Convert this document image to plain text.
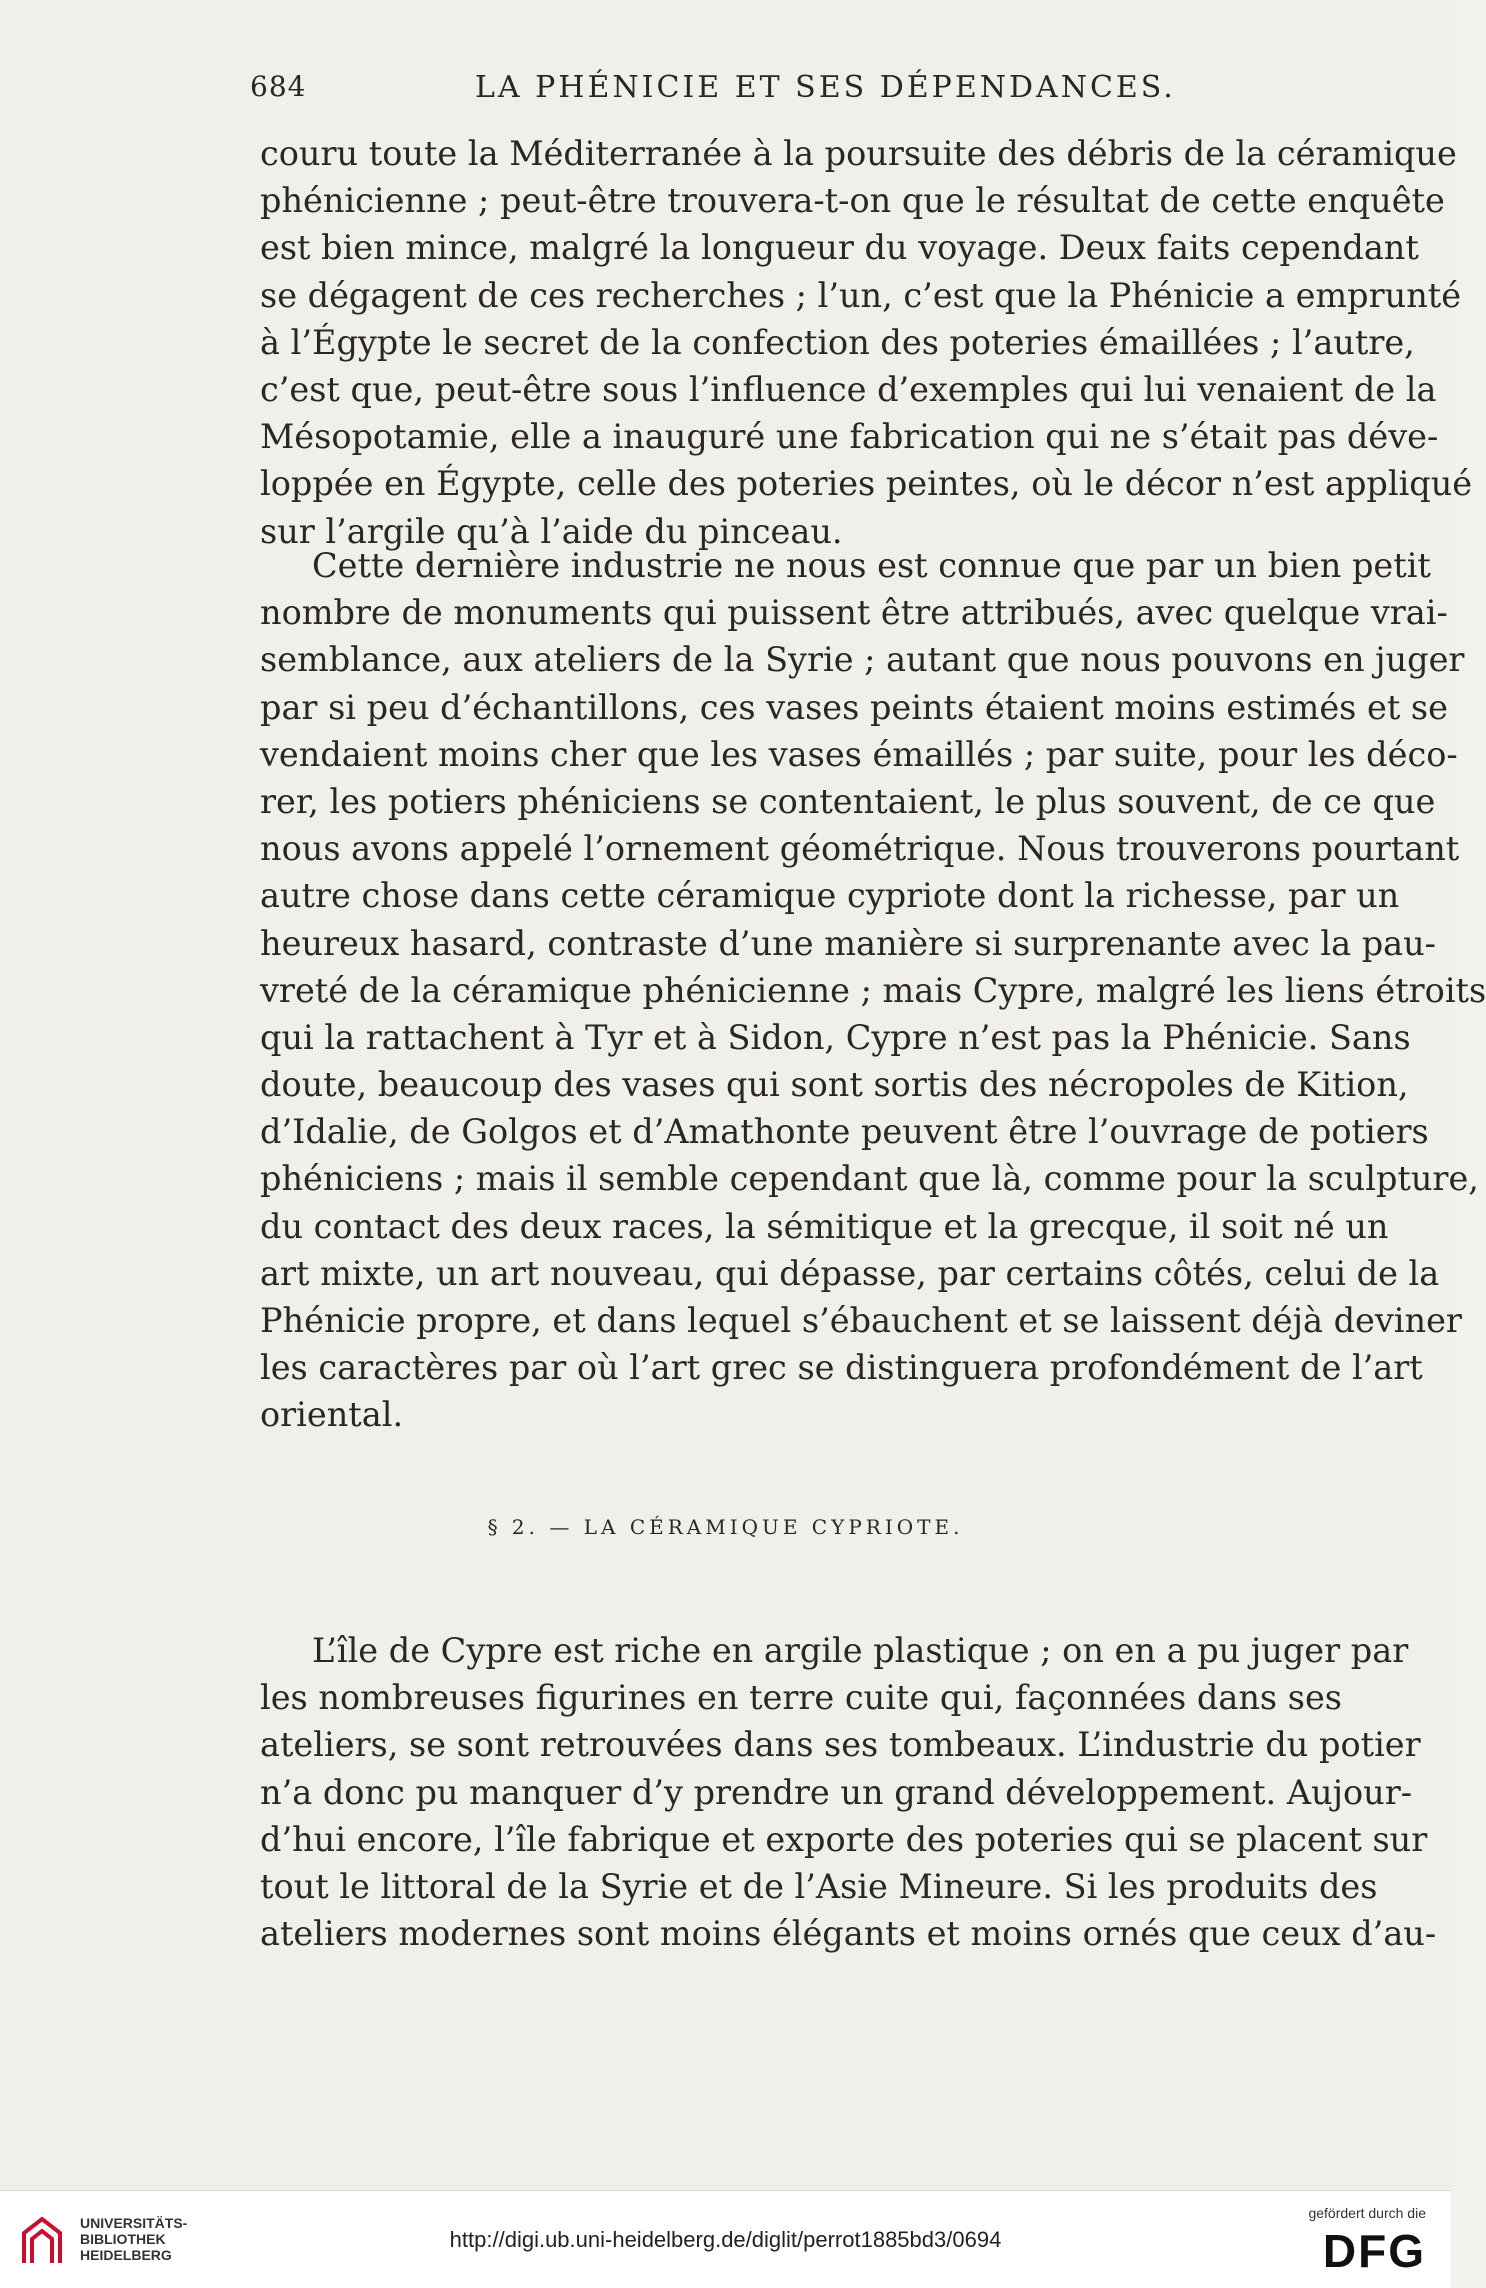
684	LA PHÉNICIE ET SES DÉPENDANCES.
couru toute la Méditerranée à la poursuite des débris de la céramique
phénicienne ; peut-être trouvera-t-on que le résultat de cette enquête
est bien mince, malgré la longueur du voyage. Deux faits cependant
se dégagent de ces recherches ; l’un, c’est que la Phénicie a emprunté
à l’Égypte le secret de la confection des poteries émaillées ; l’autre,
c’est que, peut-être sous l’influence d’exemples qui lui venaient de la
Mésopotamie, elle a inauguré une fabrication qui ne s’était pas déve-
loppée en Égypte, celle des poteries peintes, où le décor n’est appliqué
sur l’argile qu’à l’aide du pinceau.
Cette dernière industrie ne nous est connue que par un bien petit
nombre de monuments qui puissent être attribués, avec quelque vrai-
semblance, aux ateliers de la Syrie ; autant que nous pouvons en juger
par si peu d’échantillons, ces vases peints étaient moins estimés et se
vendaient moins cher que les vases émaillés ; par suite, pour les déco-
rer, les potiers phéniciens se contentaient, le plus souvent, de ce que
nous avons appelé l’ornement géométrique. Nous trouverons pourtant
autre chose dans cette céramique cypriote dont la richesse, par un
heureux hasard, contraste d’une manière si surprenante avec la pau-
vreté de la céramique phénicienne ; mais Cypre, malgré les liens étroits
qui la rattachent à Tyr et à Sidon, Cypre n’est pas la Phénicie. Sans
doute, beaucoup des vases qui sont sortis des nécropoles de Kition,
d’Idalie, de Golgos et d’Amathonte peuvent être l’ouvrage de potiers
phéniciens ; mais il semble cependant que là, comme pour la sculpture,
du contact des deux races, la sémitique et la grecque, il soit né un
art mixte, un art nouveau, qui dépasse, par certains côtés, celui de la
Phénicie propre, et dans lequel s’ébauchent et se laissent déjà deviner
les caractères par où l’art grec se distinguera profondément de l’art
oriental.
§ 2. — LA CÉRAMIQUE CYPRIOTE.
L’île de Cypre est riche en argile plastique ; on en a pu juger par
les nombreuses figurines en terre cuite qui, façonnées dans ses
ateliers, se sont retrouvées dans ses tombeaux. L’industrie du potier
n’a donc pu manquer d’y prendre un grand développement. Aujour-
d’hui encore, l’île fabrique et exporte des poteries qui se placent sur
tout le littoral de la Syrie et de l’Asie Mineure. Si les produits des
ateliers modernes sont moins élégants et moins ornés que ceux d’au-
UNIVERSITÄTS-
BIBLIOTHEK
HEIDELBERG
http://digi.ub.uni-heidelberg.de/diglit/perrot1885bd3/0694
gefördert durch die
DFG
